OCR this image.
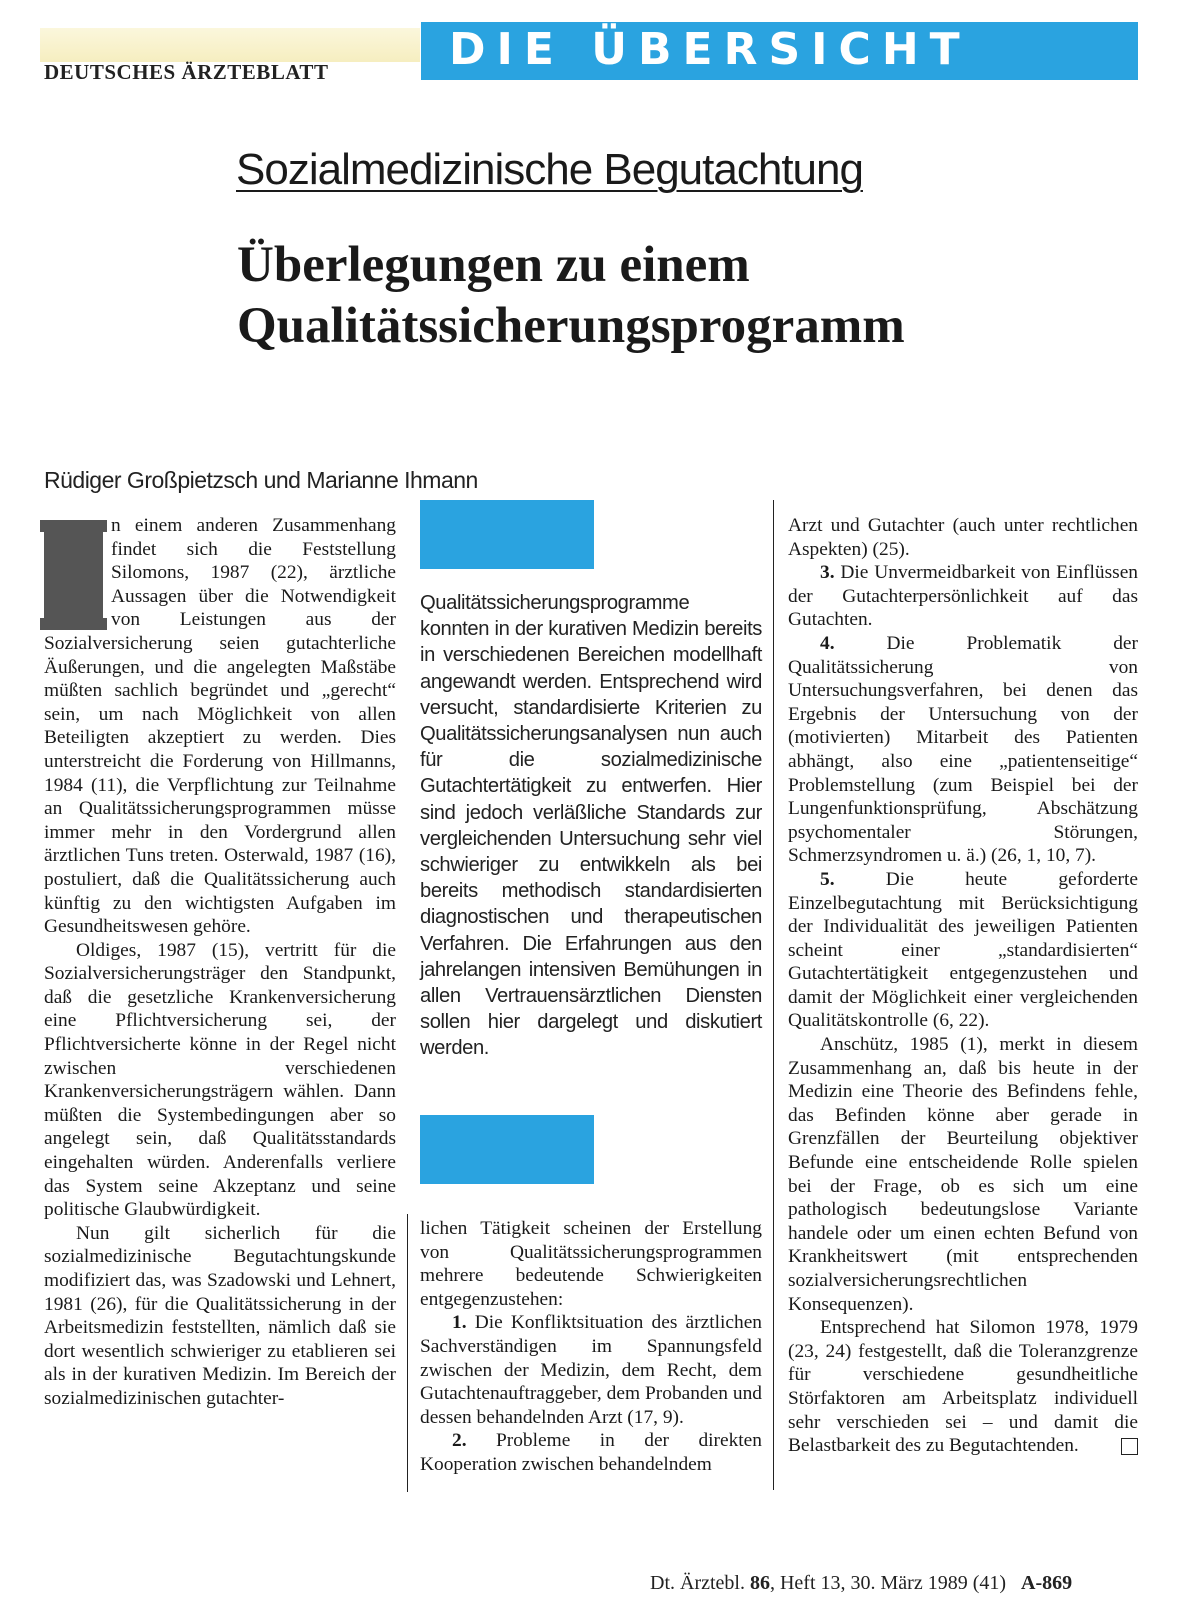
DEUTSCHES ÄRZTEBLATT	DIE ÜBERSICHT
Sozialmedizinische Begutachtung
Überlegungen zu einem
Qualitätssicherungsprogramm
Rüdiger Großpietzsch und Marianne Ihmann

n einem anderen Zusammenhang findet sich die Feststellung Silomons, 1987 (22), ärztliche Aussagen über die Notwendigkeit von Leistungen aus der Sozialversicherung seien gutachterliche Äußerungen, und die angelegten Maßstäbe müßten sachlich begründet und „gerecht“ sein, um nach Möglichkeit von allen Beteiligten akzeptiert zu werden. Dies unterstreicht die Forderung von Hillmanns, 1984 (11), die Verpflichtung zur Teilnahme an Qualitätssicherungsprogrammen müsse immer mehr in den Vordergrund allen ärztlichen Tuns treten. Osterwald, 1987 (16), postuliert, daß die Qualitätssicherung auch künftig zu den wichtigsten Aufgaben im Gesundheitswesen gehöre.

Oldiges, 1987 (15), vertritt für die Sozialversicherungsträger den Standpunkt, daß die gesetzliche Krankenversicherung eine Pflichtversicherung sei, der Pflichtversicherte könne in der Regel nicht zwischen verschiedenen Krankenversicherungsträgern wählen. Dann müßten die Systembedingungen aber so angelegt sein, daß Qualitätsstandards eingehalten würden. Anderenfalls verliere das System seine Akzeptanz und seine politische Glaubwürdigkeit.

Nun gilt sicherlich für die sozialmedizinische Begutachtungskunde modifiziert das, was Szadowski und Lehnert, 1981 (26), für die Qualitätssicherung in der Arbeitsmedizin feststellten, nämlich daß sie dort wesentlich schwieriger zu etablieren sei als in der kurativen Medizin. Im Bereich der sozialmedizinischen gutachter-

Qualitätssicherungsprogramme konnten in der kurativen Medizin bereits in verschiedenen Bereichen modellhaft angewandt werden. Entsprechend wird versucht, standardisierte Kriterien zu Qualitätssicherungsanalysen nun auch für die sozialmedizinische Gutachtertätigkeit zu entwerfen. Hier sind jedoch verläßliche Standards zur vergleichenden Untersuchung sehr viel schwieriger zu entwikkeln als bei bereits methodisch standardisierten diagnostischen und therapeutischen Verfahren. Die Erfahrungen aus den jahrelangen intensiven Bemühungen in allen Vertrauensärztlichen Diensten sollen hier dargelegt und diskutiert werden.

lichen Tätigkeit scheinen der Erstellung von Qualitätssicherungsprogrammen mehrere bedeutende Schwierigkeiten entgegenzustehen:

1. Die Konfliktsituation des ärztlichen Sachverständigen im Spannungsfeld zwischen der Medizin, dem Recht, dem Gutachtenauftraggeber, dem Probanden und dessen behandelnden Arzt (17, 9).

2. Probleme in der direkten Kooperation zwischen behandelndem

Arzt und Gutachter (auch unter rechtlichen Aspekten) (25).

3. Die Unvermeidbarkeit von Einflüssen der Gutachterpersönlichkeit auf das Gutachten.

4. Die Problematik der Qualitätssicherung von Untersuchungsverfahren, bei denen das Ergebnis der Untersuchung von der (motivierten) Mitarbeit des Patienten abhängt, also eine „patientenseitige“ Problemstellung (zum Beispiel bei der Lungenfunktionsprüfung, Abschätzung psychomentaler Störungen, Schmerzsyndromen u. ä.) (26, 1, 10, 7).

5. Die heute geforderte Einzelbegutachtung mit Berücksichtigung der Individualität des jeweiligen Patienten scheint einer „standardisierten“ Gutachtertätigkeit entgegenzustehen und damit der Möglichkeit einer vergleichenden Qualitätskontrolle (6, 22).

Anschütz, 1985 (1), merkt in diesem Zusammenhang an, daß bis heute in der Medizin eine Theorie des Befindens fehle, das Befinden könne aber gerade in Grenzfällen der Beurteilung objektiver Befunde eine entscheidende Rolle spielen bei der Frage, ob es sich um eine pathologisch bedeutungslose Variante handele oder um einen echten Befund von Krankheitswert (mit entsprechenden sozialversicherungsrechtlichen Konsequenzen).

Entsprechend hat Silomon 1978, 1979 (23, 24) festgestellt, daß die Toleranzgrenze für verschiedene gesundheitliche Störfaktoren am Arbeitsplatz individuell sehr verschieden sei – und damit die Belastbarkeit des zu Begutachtenden.

Dt. Ärztebl. 86, Heft 13, 30. März 1989 (41) A-869
